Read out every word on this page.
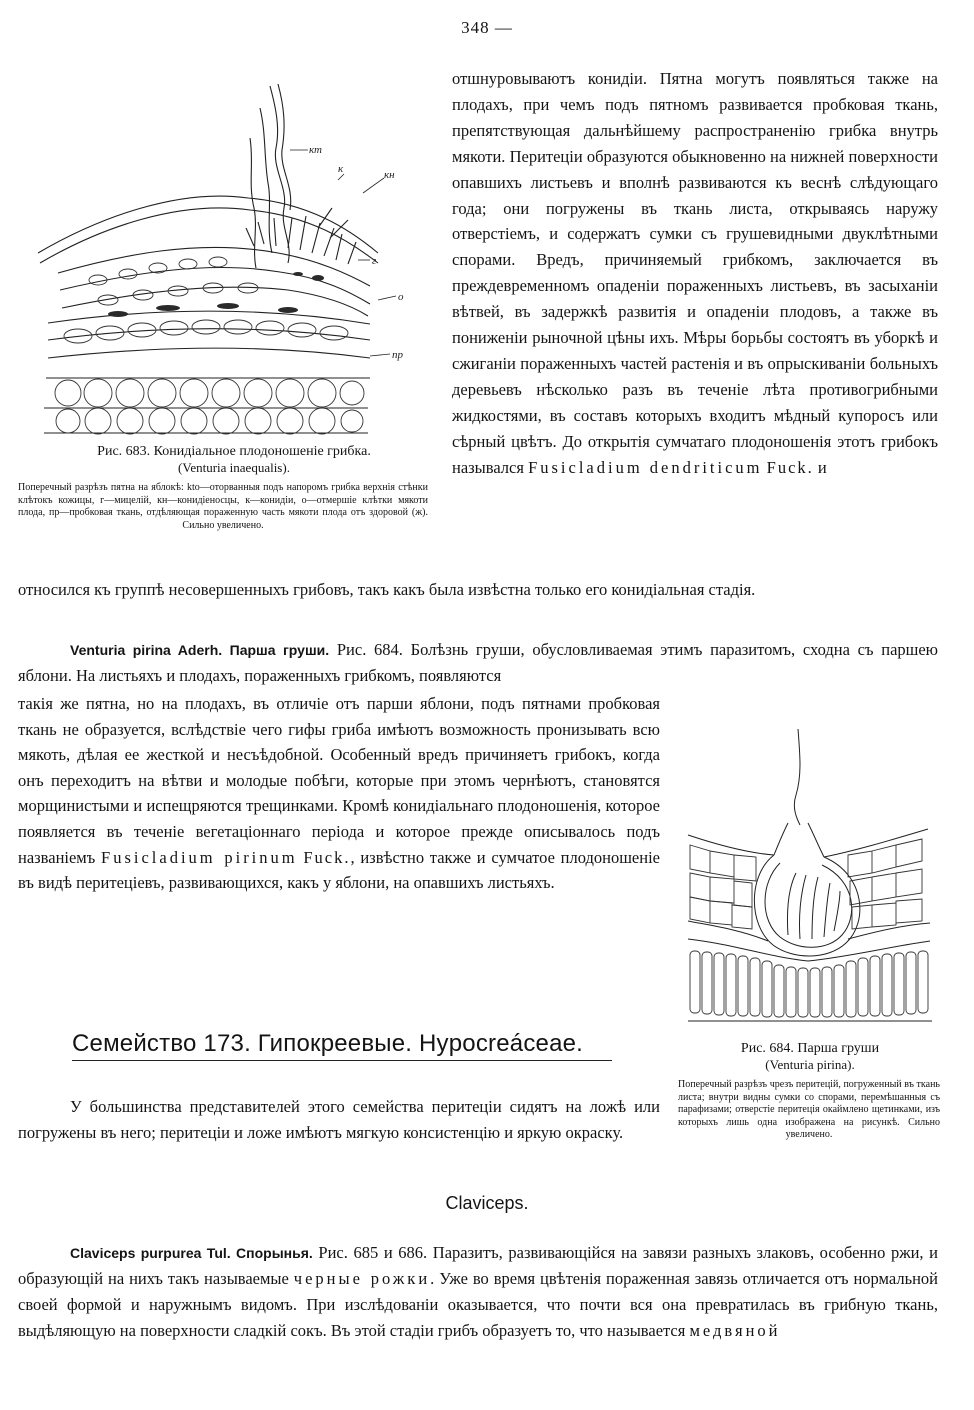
348 —
кт
к	кн
г
о
пр
Рис. 683. Конидіальное плодоношеніе грибка.
(Venturia inaequalis).
Поперечный разрѣзъ пятна на яблокѣ: kto—оторванныя подъ напоромъ грибка верхнія стѣнки клѣтокъ кожицы, г—мицелій, кн—конидіеносцы, к—конидіи, о—отмершіе клѣтки мякоти плода, пр—пробковая ткань, отдѣляющая пораженную часть мякоти плода отъ здоровой (ж). Сильно увеличено.

отшнуровываютъ конидіи. Пятна могутъ появляться также на плодахъ, при чемъ подъ пятномъ развивается пробковая ткань, препятствующая дальнѣйшему распространенію грибка внутрь мякоти. Перитеціи образуются обыкновенно на нижней поверхности опавшихъ листьевъ и вполнѣ развиваются къ веснѣ слѣдующаго года; они погружены въ ткань листа, открываясь наружу отверстіемъ, и содержатъ сумки съ грушевидными двуклѣтными спорами. Вредъ, причиняемый грибкомъ, заключается въ преждевременномъ опаденіи пораженныхъ листьевъ, въ засыханіи вѣтвей, въ задержкѣ развитія и опаденіи плодовъ, а также въ пониженіи рыночной цѣны ихъ. Мѣры борьбы состоятъ въ уборкѣ и сжиганіи пораженныхъ частей растенія и въ опрыскиваніи больныхъ деревьевъ нѣсколько разъ въ теченіе лѣта противогрибными жидкостями, въ составъ которыхъ входитъ мѣдный купоросъ или сѣрный цвѣтъ. До открытія сумчатаго плодоношенія этотъ грибокъ назывался Fusicladium dendriticum Fuck. и

относился къ группѣ несовершенныхъ грибовъ, такъ какъ была извѣстна только его конидіальная стадія.

Venturia pirina Aderh. Парша груши. Рис. 684. Болѣзнь груши, обусловливаемая этимъ паразитомъ, сходна съ паршею яблони. На листьяхъ и плодахъ, пораженныхъ грибкомъ, появляются

такія же пятна, но на плодахъ, въ отличіе отъ парши яблони, подъ пятнами пробковая ткань не образуется, вслѣдствіе чего гифы гриба имѣютъ возможность пронизывать всю мякоть, дѣлая ее жесткой и несъѣдобной. Особенный вредъ причиняетъ грибокъ, когда онъ переходитъ на вѣтви и молодые побѣги, которые при этомъ чернѣютъ, становятся морщинистыми и испещряются трещинками. Кромѣ конидіальнаго плодоношенія, которое появляется въ теченіе вегетаціоннаго періода и которое прежде описывалось подъ названіемъ Fusicladium pirinum Fuck., извѣстно также и сумчатое плодоношеніе въ видѣ перитеціевъ, развивающихся, какъ у яблони, на опавшихъ листьяхъ.

Рис. 684. Парша груши
(Venturia pirina).
Поперечный разрѣзъ чрезъ перитецій, погруженный въ ткань листа; внутри видны сумки со спорами, перемѣшанныя съ парафизами; отверстіе перитеція окаймлено щетинками, изъ которыхъ лишь одна изображена на рисункѣ. Сильно увеличено.
Семейство 173. Гипокреевые. Hypocreáceae.

У большинства представителей этого семейства перитеціи сидятъ на ложѣ или погружены въ него; перитеціи и ложе имѣютъ мягкую консистенцію и яркую окраску.

Claviceps.

Claviceps purpurea Tul. Спорынья. Рис. 685 и 686. Паразитъ, развивающійся на завязи разныхъ злаковъ, особенно ржи, и образующій на нихъ такъ называемые черные рожки. Уже во время цвѣтенія пораженная завязь отличается отъ нормальной своей формой и наружнымъ видомъ. При изслѣдованіи оказывается, что почти вся она превратилась въ грибную ткань, выдѣляющую на поверхности сладкій сокъ. Въ этой стадіи грибъ образуетъ то, что называется медвяной
